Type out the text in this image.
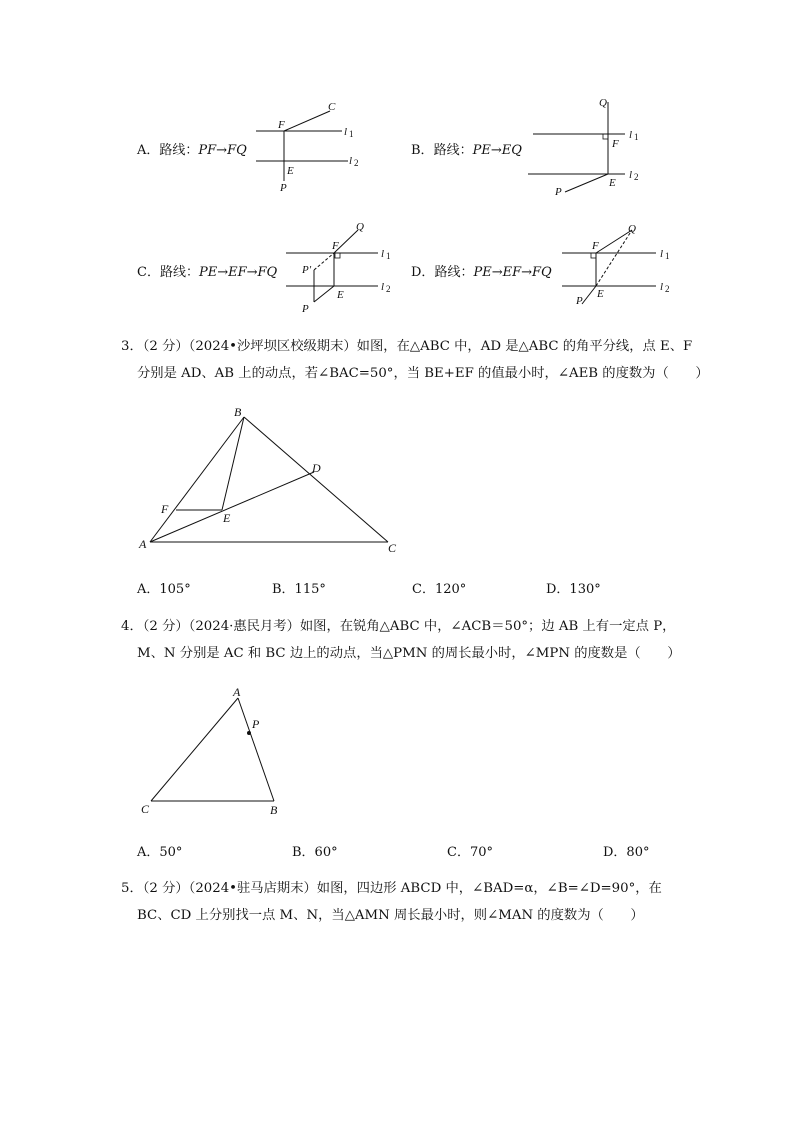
A．路线：PF→FQ
C
F
E
P
l 1
l 2
B．路线：PE→EQ
Q
F
E
P
l 1
l 2
C．路线：PE→EF→FQ
Q
F
E
P′
P
l 1
l 2
D．路线：PE→EF→FQ
Q
F
E
P
l 1
l 2
3．（2 分）（2024•沙坪坝区校级期末）如图，在△ABC 中，AD 是△ABC 的角平分线，点 E、F
分别是 AD、AB 上的动点，若∠BAC=50°，当 BE+EF 的值最小时，∠AEB 的度数为（　　）
B
D
F
E
A	C
A．105°	B．115°	C．120°	D．130°
4．（2 分）（2024·惠民月考）如图，在锐角△ABC 中，∠ACB＝50°；边 AB 上有一定点 P，
M、N 分别是 AC 和 BC 边上的动点，当△PMN 的周长最小时，∠MPN 的度数是（　　）
A
P
C	B
A．50°	B．60°	C．70°	D．80°
5．（2 分）（2024•驻马店期末）如图，四边形 ABCD 中，∠BAD=α，∠B=∠D=90°，在
BC、CD 上分别找一点 M、N，当△AMN 周长最小时，则∠MAN 的度数为（　　）
